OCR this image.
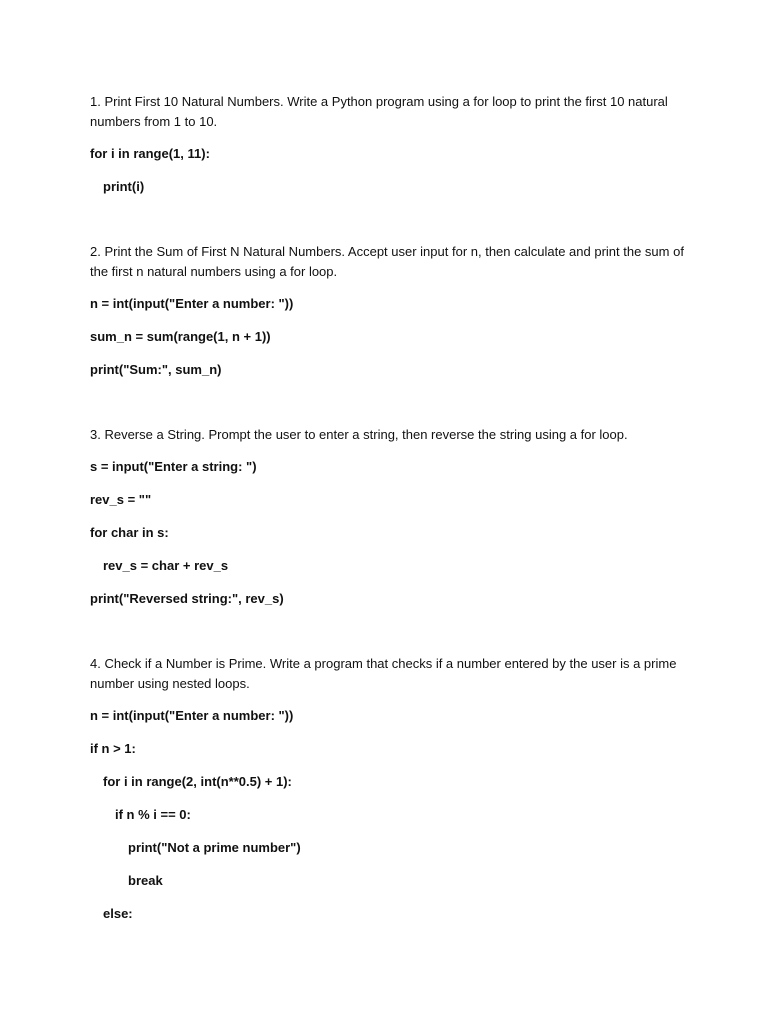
1. Print First 10 Natural Numbers. Write a Python program using a for loop to print the first 10 natural numbers from 1 to 10.

for i in range(1, 11):
print(i)

2. Print the Sum of First N Natural Numbers. Accept user input for n, then calculate and print the sum of the first n natural numbers using a for loop.

n = int(input("Enter a number: "))
sum_n = sum(range(1, n + 1))
print("Sum:", sum_n)

3. Reverse a String. Prompt the user to enter a string, then reverse the string using a for loop.

s = input("Enter a string: ")
rev_s = ""
for char in s:
rev_s = char + rev_s
print("Reversed string:", rev_s)

4. Check if a Number is Prime. Write a program that checks if a number entered by the user is a prime number using nested loops.

n = int(input("Enter a number: "))
if n > 1:
for i in range(2, int(n**0.5) + 1):
if n % i == 0:
print("Not a prime number")
break
else:
